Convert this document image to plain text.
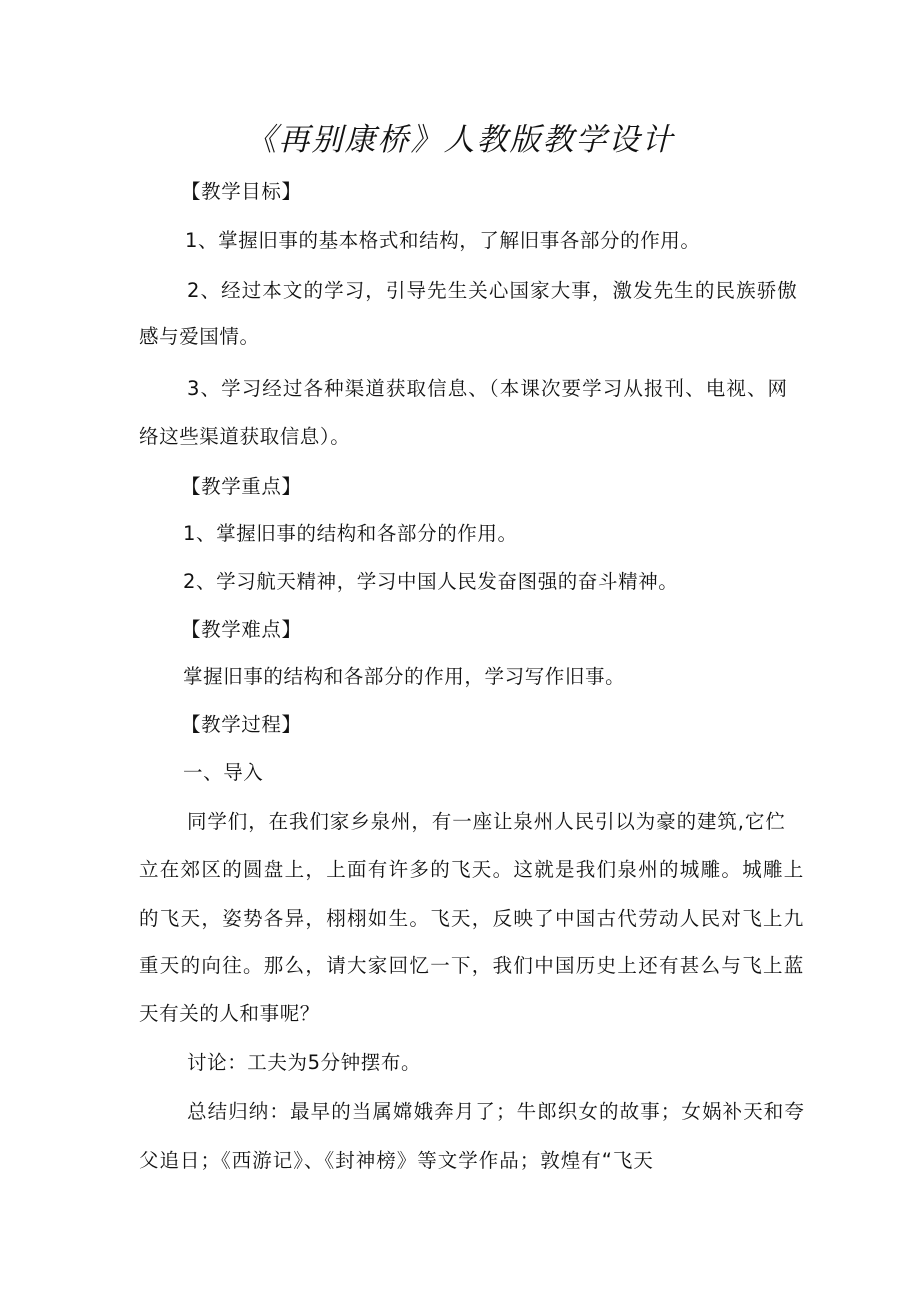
《再别康桥》人教版教学设计
【教学目标】
1、掌握旧事的基本格式和结构，了解旧事各部分的作用。
2、经过本文的学习，引导先生关心国家大事，激发先生的民族骄傲
感与爱国情。
3、学习经过各种渠道获取信息、（本课次要学习从报刊、电视、网
络这些渠道获取信息）。
【教学重点】
1、掌握旧事的结构和各部分的作用。
2、学习航天精神，学习中国人民发奋图强的奋斗精神。
【教学难点】
掌握旧事的结构和各部分的作用，学习写作旧事。
【教学过程】
一、导入
同学们，在我们家乡泉州，有一座让泉州人民引以为豪的建筑,它伫
立在郊区的圆盘上，上面有许多的飞天。这就是我们泉州的城雕。城雕上
的飞天，姿势各异，栩栩如生。飞天，反映了中国古代劳动人民对飞上九
重天的向往。那么，请大家回忆一下，我们中国历史上还有甚么与飞上蓝
天有关的人和事呢？
讨论：工夫为5分钟摆布。
总结归纳：最早的当属嫦娥奔月了；牛郎织女的故事；女娲补天和夸
父追日；《西游记》、《封神榜》等文学作品；敦煌有“飞天
